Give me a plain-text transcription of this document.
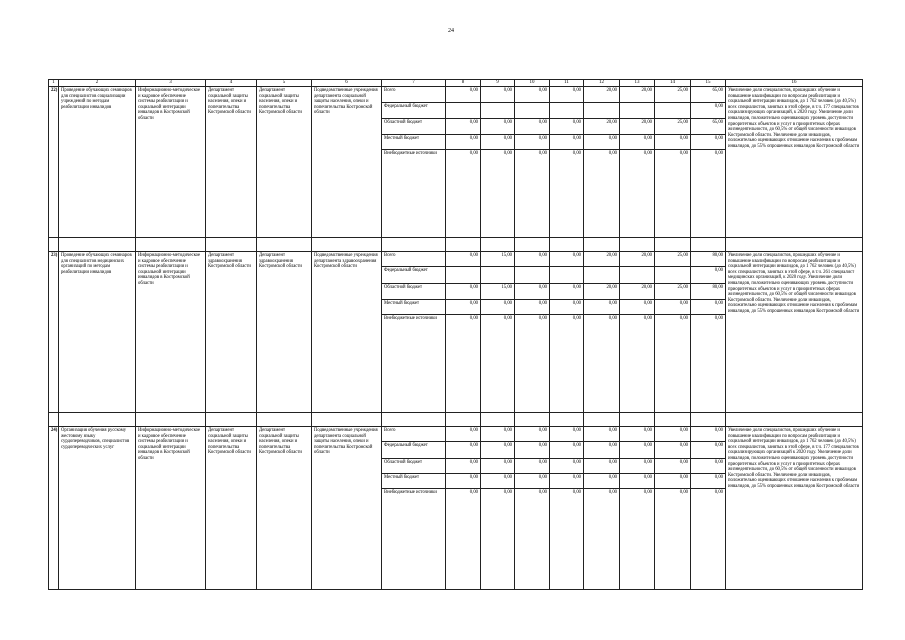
24
1	2	3	4	5	6	7	8	9	10	11	12	13	14	15	16
22)	Проведение обучающих семинаров для специалистов социализации учреждений по методам реабилитации инвалидов	Информационно-методическое и кадровое обеспечение системы реабилитации и социальной интеграции инвалидов в Костромской области	Департамент социальной защиты населения, опеки и попечительства Костромской области	Департамент социальной защиты населения, опеки и попечительства Костромской области	Подведомственные учреждения департамента социальной защиты населения, опеки и попечительства Костромской области	Всего	0,00	0,00	0,00	0,00	20,00	20,00	25,00	65,00	Увеличение доли специалистов, прошедших обучение и повышение квалификации по вопросам реабилитации и социальной интеграции инвалидов, до 1 762 человек (до 40,5%) всех специалистов, занятых в этой сфере, в т.ч. 177 специалистов социализирующих организаций, к 2020 году. Увеличение доли инвалидов, положительно оценивающих уровень доступности приоритетных объектов и услуг в приоритетных сферах жизнедеятельности, до 60,5% от общей численности инвалидов Костромской области. Увеличение доли инвалидов, положительно оценивающих отношение населения к проблемам инвалидов, до 55% опрошенных инвалидов Костромской области
						Федеральный бюджет								0,00	
						Областной бюджет	0,00	0,00	0,00	0,00	20,00	20,00	25,00	65,00	
						Местный бюджет	0,00	0,00	0,00	0,00	0,00	0,00	0,00	0,00	
						Внебюджетные источники	0,00	0,00	0,00	0,00	0,00	0,00	0,00	0,00	

23)	Проведение обучающих семинаров для специалистов медицинских организаций по методам реабилитации инвалидов	Информационно-методическое и кадровое обеспечение системы реабилитации и социальной интеграции инвалидов в Костромской области	Департамент здравоохранения Костромской области	Департамент здравоохранения Костромской области	Подведомственные учреждения департамента здравоохранения Костромской области	Всего	0,00	15,00	0,00	0,00	20,00	20,00	25,00	80,00	Увеличение доли специалистов, прошедших обучение и повышение квалификации по вопросам реабилитации и социальной интеграции инвалидов, до 1 762 человек (до 40,5%) всех специалистов, занятых в этой сфере, в т.ч. 261 специалист медицинских организаций, к 2020 году. Увеличение доли инвалидов, положительно оценивающих уровень доступности приоритетных объектов и услуг в приоритетных сферах жизнедеятельности, до 60,5% от общей численности инвалидов Костромской области. Увеличение доли инвалидов, положительно оценивающих отношение населения к проблемам инвалидов, до 55% опрошенных инвалидов Костромской области
						Федеральный бюджет								0,00	
						Областной бюджет	0,00	15,00	0,00	0,00	20,00	20,00	25,00	80,00	
						Местный бюджет	0,00	0,00	0,00	0,00	0,00	0,00	0,00	0,00	
						Внебюджетные источники	0,00	0,00	0,00	0,00	0,00	0,00	0,00	0,00	

24)	Организация обучения русскому жестовому языку сурдопереводчиков, специалистов сурдопереводческих услуг	Информационно-методическое и кадровое обеспечение системы реабилитации и социальной интеграции инвалидов в Костромской области	Департамент социальной защиты населения, опеки и попечительства Костромской области	Департамент социальной защиты населения, опеки и попечительства Костромской области	Подведомственные учреждения департамента социальной защиты населения, опеки и попечительства Костромской области	Всего	0,00	0,00	0,00	0,00	0,00	0,00	0,00	0,00	Увеличение доли специалистов, прошедших обучение и повышение квалификации по вопросам реабилитации и социальной интеграции инвалидов, до 1 762 человек (до 40,5%) всех специалистов, занятых в этой сфере, в т.ч. 177 специалистов социализирующих организаций к 2020 году. Увеличение доли инвалидов, положительно оценивающих уровень доступности приоритетных объектов и услуг в приоритетных сферах жизнедеятельности, до 60,5% от общей численности инвалидов Костромской области. Увеличение доли инвалидов, положительно оценивающих отношение населения к проблемам инвалидов, до 55% опрошенных инвалидов Костромской области
						Федеральный бюджет	0,00	0,00	0,00	0,00	0,00	0,00	0,00	0,00	
						Областной бюджет	0,00	0,00	0,00	0,00	0,00	0,00	0,00	0,00	
						Местный бюджет	0,00	0,00	0,00	0,00	0,00	0,00	0,00	0,00	
						Внебюджетные источники	0,00	0,00	0,00	0,00	0,00	0,00	0,00	0,00	
